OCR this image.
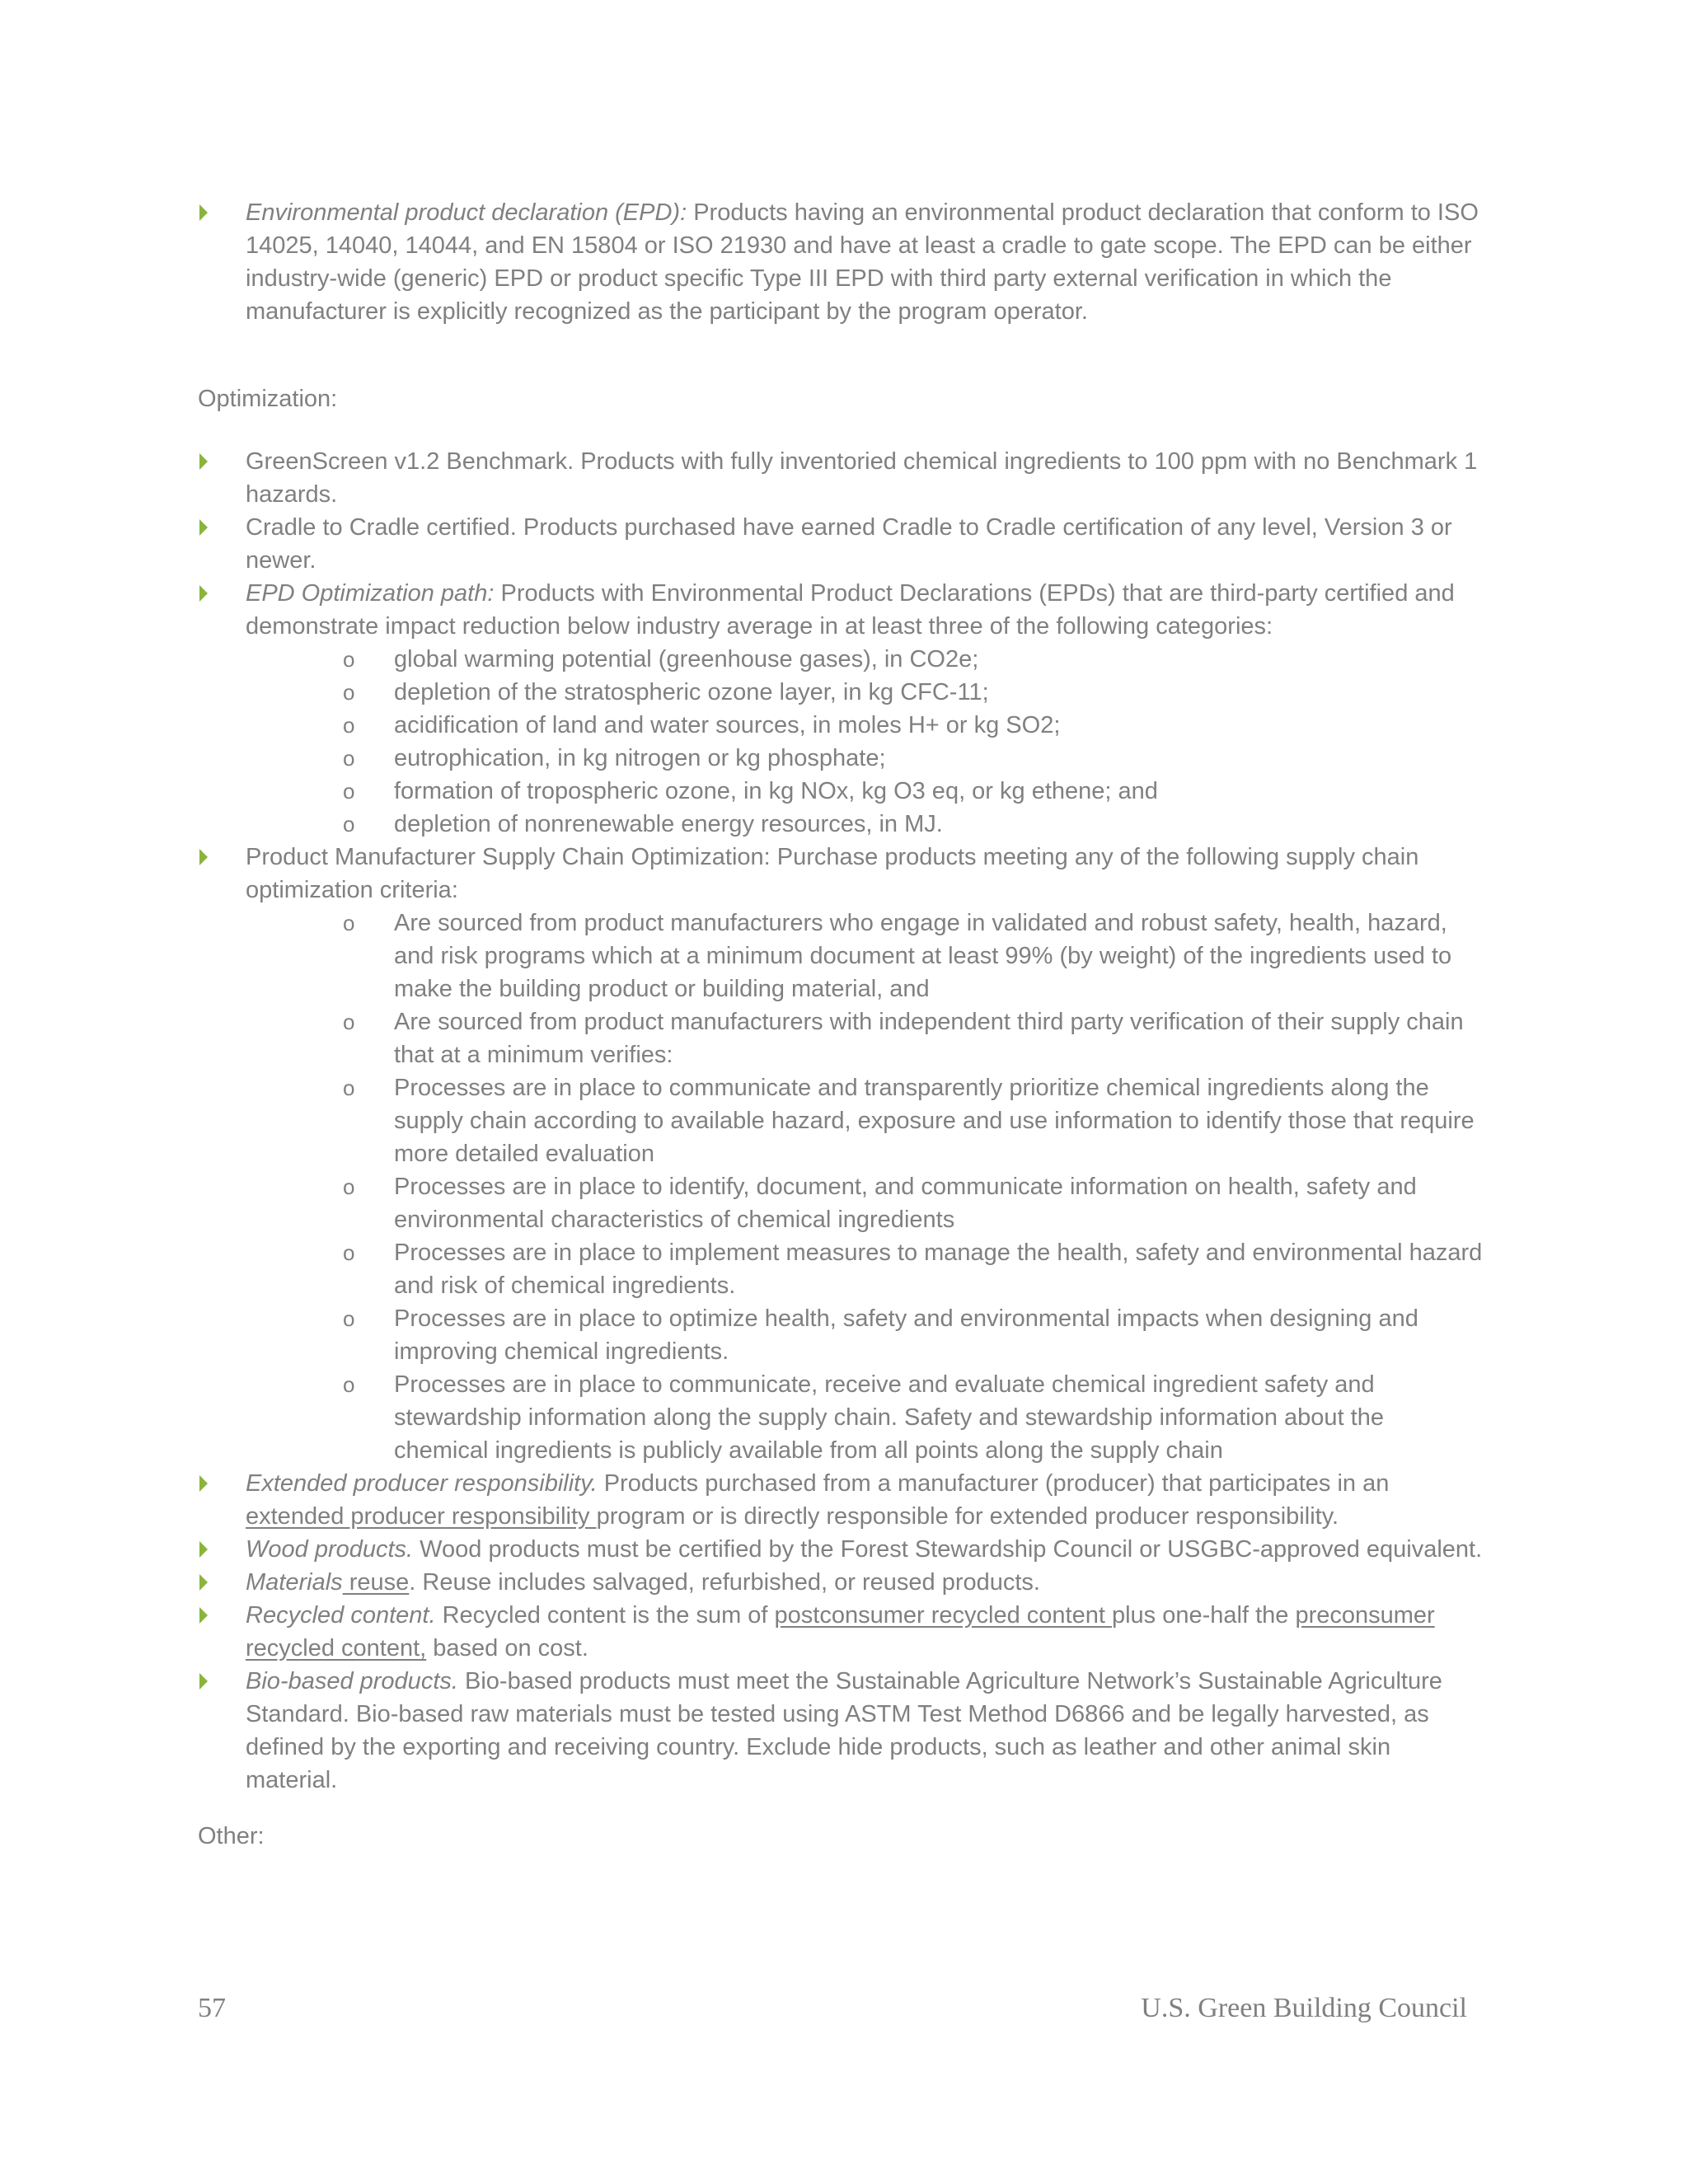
Environmental product declaration (EPD): Products having an environmental product declaration that conform to ISO 14025, 14040, 14044, and EN 15804 or ISO 21930 and have at least a cradle to gate scope. The EPD can be either industry-wide (generic) EPD or product specific Type III EPD with third party external verification in which the manufacturer is explicitly recognized as the participant by the program operator.

Optimization:

GreenScreen v1.2 Benchmark. Products with fully inventoried chemical ingredients to 100 ppm with no Benchmark 1 hazards.
Cradle to Cradle certified. Products purchased have earned Cradle to Cradle certification of any level, Version 3 or newer.
EPD Optimization path: Products with Environmental Product Declarations (EPDs) that are third-party certified and demonstrate impact reduction below industry average in at least three of the following categories:
o global warming potential (greenhouse gases), in CO2e;
o depletion of the stratospheric ozone layer, in kg CFC-11;
o acidification of land and water sources, in moles H+ or kg SO2;
o eutrophication, in kg nitrogen or kg phosphate;
o formation of tropospheric ozone, in kg NOx, kg O3 eq, or kg ethene; and
o depletion of nonrenewable energy resources, in MJ.
Product Manufacturer Supply Chain Optimization: Purchase products meeting any of the following supply chain optimization criteria:
o Are sourced from product manufacturers who engage in validated and robust safety, health, hazard, and risk programs which at a minimum document at least 99% (by weight) of the ingredients used to make the building product or building material, and
o Are sourced from product manufacturers with independent third party verification of their supply chain that at a minimum verifies:
o Processes are in place to communicate and transparently prioritize chemical ingredients along the supply chain according to available hazard, exposure and use information to identify those that require more detailed evaluation
o Processes are in place to identify, document, and communicate information on health, safety and environmental characteristics of chemical ingredients
o Processes are in place to implement measures to manage the health, safety and environmental hazard and risk of chemical ingredients.
o Processes are in place to optimize health, safety and environmental impacts when designing and improving chemical ingredients.
o Processes are in place to communicate, receive and evaluate chemical ingredient safety and stewardship information along the supply chain. Safety and stewardship information about the chemical ingredients is publicly available from all points along the supply chain
Extended producer responsibility. Products purchased from a manufacturer (producer) that participates in an extended producer responsibility program or is directly responsible for extended producer responsibility.
Wood products. Wood products must be certified by the Forest Stewardship Council or USGBC-approved equivalent.
Materials reuse. Reuse includes salvaged, refurbished, or reused products.
Recycled content. Recycled content is the sum of postconsumer recycled content plus one-half the preconsumer recycled content, based on cost.
Bio-based products. Bio-based products must meet the Sustainable Agriculture Network’s Sustainable Agriculture Standard. Bio-based raw materials must be tested using ASTM Test Method D6866 and be legally harvested, as defined by the exporting and receiving country. Exclude hide products, such as leather and other animal skin material.

Other:

57	U.S. Green Building Council
